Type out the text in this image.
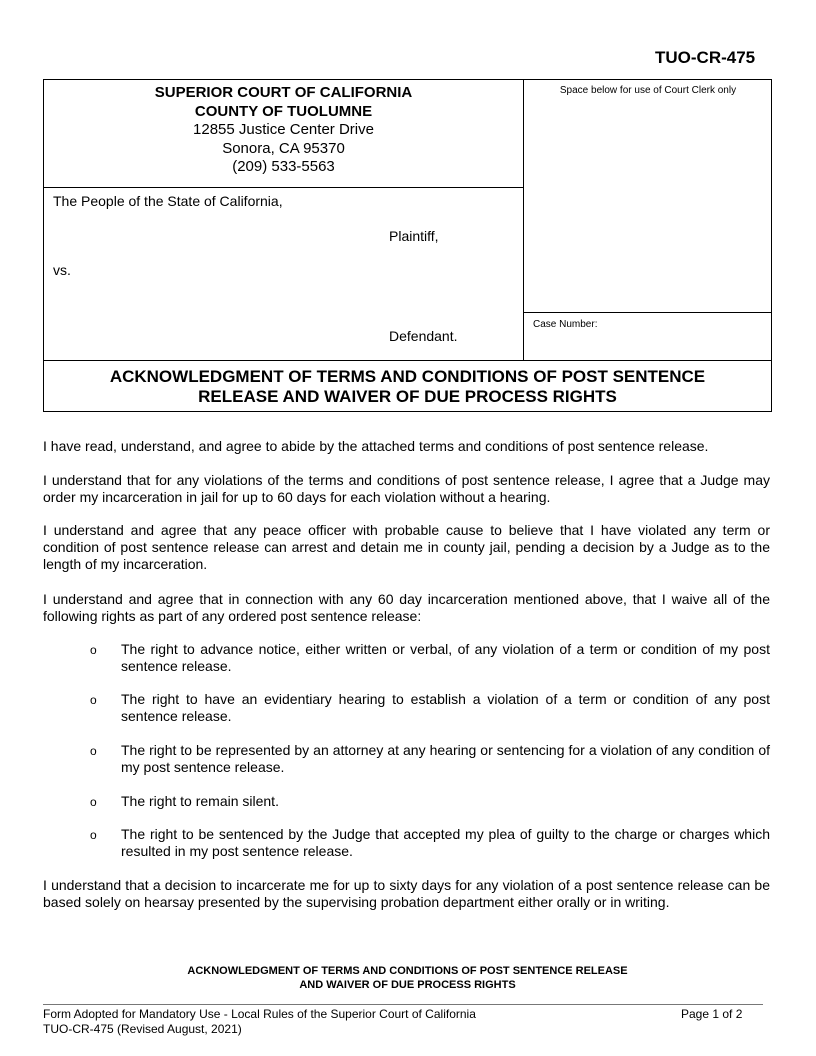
TUO-CR-475
SUPERIOR COURT OF CALIFORNIA
COUNTY OF TUOLUMNE
12855 Justice Center Drive
Sonora, CA 95370
(209) 533-5563
Space below for use of Court Clerk only
The People of the State of California,
Plaintiff,
vs.
Defendant.
Case Number:
ACKNOWLEDGMENT OF TERMS AND CONDITIONS OF POST SENTENCE
RELEASE AND WAIVER OF DUE PROCESS RIGHTS
I have read, understand, and agree to abide by the attached terms and conditions of post sentence release.
I understand that for any violations of the terms and conditions of post sentence release, I agree that a Judge may order my incarceration in jail for up to 60 days for each violation without a hearing.
I understand and agree that any peace officer with probable cause to believe that I have violated any term or condition of post sentence release can arrest and detain me in county jail, pending a decision by a Judge as to the length of my incarceration.
I understand and agree that in connection with any 60 day incarceration mentioned above, that I waive all of the following rights as part of any ordered post sentence release:
o The right to advance notice, either written or verbal, of any violation of a term or condition of my post sentence release.
o The right to have an evidentiary hearing to establish a violation of a term or condition of any post sentence release.
o The right to be represented by an attorney at any hearing or sentencing for a violation of any condition of my post sentence release.
o The right to remain silent.
o The right to be sentenced by the Judge that accepted my plea of guilty to the charge or charges which resulted in my post sentence release.
I understand that a decision to incarcerate me for up to sixty days for any violation of a post sentence release can be based solely on hearsay presented by the supervising probation department either orally or in writing.
ACKNOWLEDGMENT OF TERMS AND CONDITIONS OF POST SENTENCE RELEASE
AND WAIVER OF DUE PROCESS RIGHTS
Form Adopted for Mandatory Use - Local Rules of the Superior Court of California
TUO-CR-475 (Revised August, 2021)
Page 1 of 2
